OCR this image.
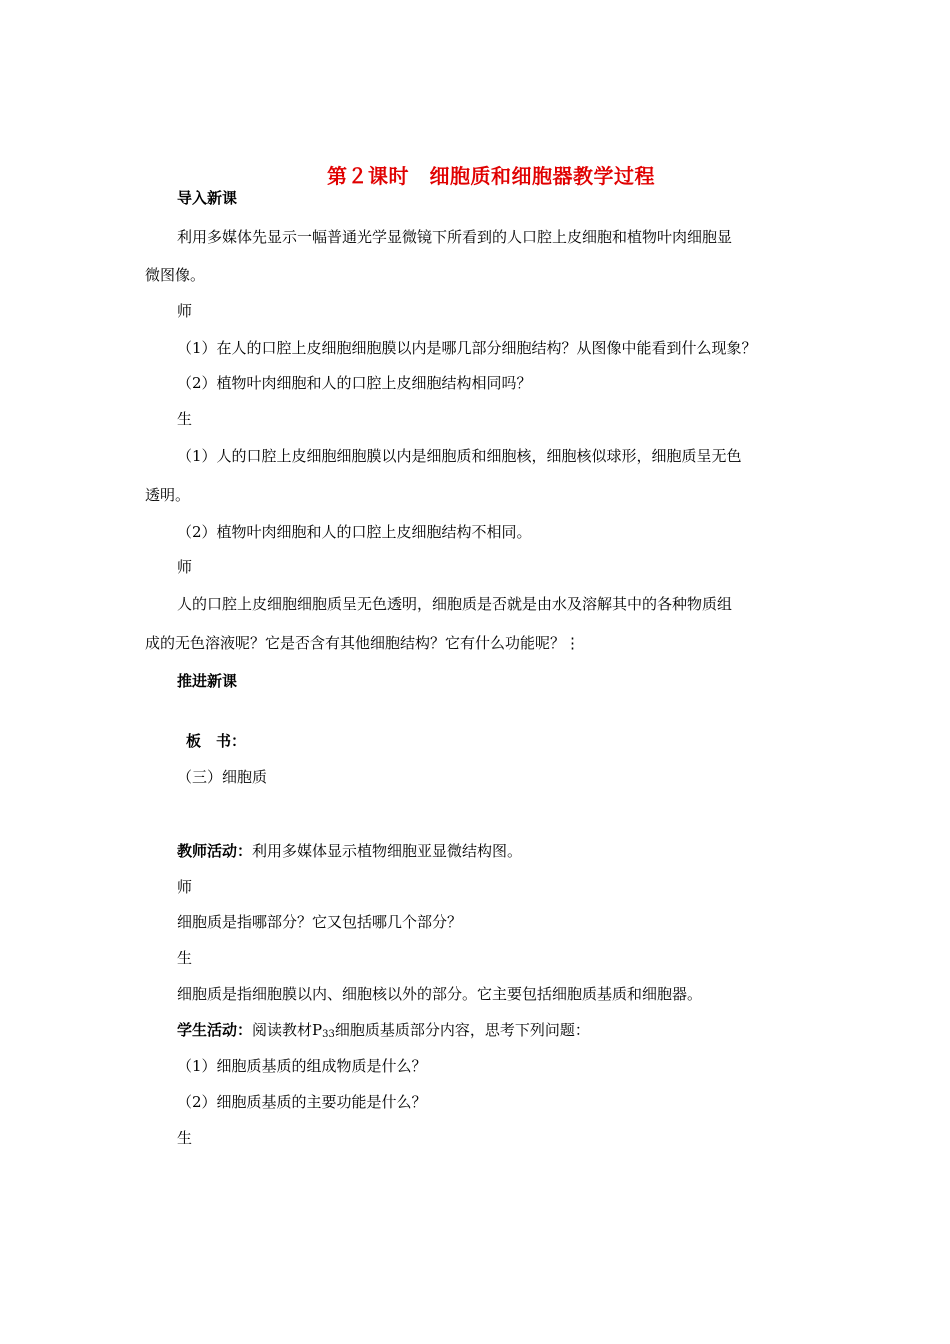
第２课时　细胞质和细胞器教学过程
导入新课
利用多媒体先显示一幅普通光学显微镜下所看到的人口腔上皮细胞和植物叶肉细胞显
微图像。
师
（1）在人的口腔上皮细胞细胞膜以内是哪几部分细胞结构？从图像中能看到什么现象？
（2）植物叶肉细胞和人的口腔上皮细胞结构相同吗？
生
（1）人的口腔上皮细胞细胞膜以内是细胞质和细胞核，细胞核似球形，细胞质呈无色
透明。
（2）植物叶肉细胞和人的口腔上皮细胞结构不相同。
师
人的口腔上皮细胞细胞质呈无色透明，细胞质是否就是由水及溶解其中的各种物质组
成的无色溶液呢？它是否含有其他细胞结构？它有什么功能呢？⋮
推进新课
板　书：
（三）细胞质
教师活动：利用多媒体显示植物细胞亚显微结构图。
师
细胞质是指哪部分？它又包括哪几个部分？
生
细胞质是指细胞膜以内、细胞核以外的部分。它主要包括细胞质基质和细胞器。
学生活动：阅读教材$P_{33}$细胞质基质部分内容，思考下列问题：
（1）细胞质基质的组成物质是什么？
（2）细胞质基质的主要功能是什么？
生
